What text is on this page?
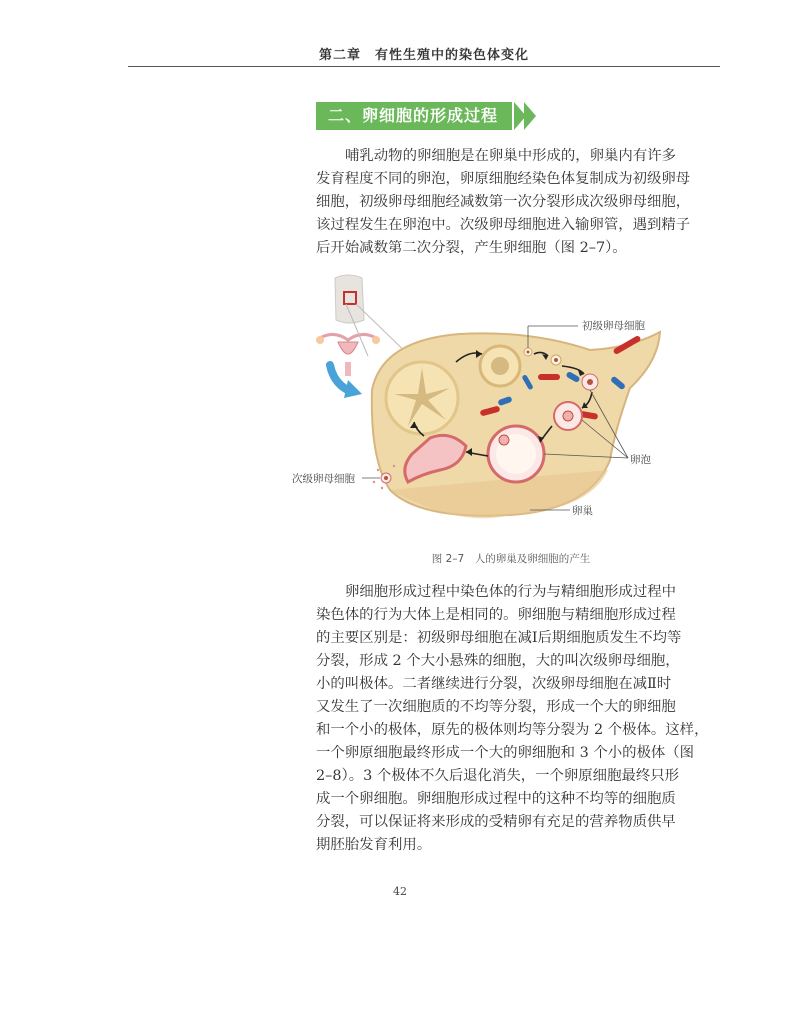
第二章　有性生殖中的染色体变化
二、卵细胞的形成过程
哺乳动物的卵细胞是在卵巢中形成的，卵巢内有许多
发育程度不同的卵泡，卵原细胞经染色体复制成为初级卵母
细胞，初级卵母细胞经减数第一次分裂形成次级卵母细胞，
该过程发生在卵泡中。次级卵母细胞进入输卵管，遇到精子
后开始减数第二次分裂，产生卵细胞（图 2–7）。
初级卵母细胞
卵泡
次级卵母细胞
卵巢
图 2–7　人的卵巢及卵细胞的产生
卵细胞形成过程中染色体的行为与精细胞形成过程中
染色体的行为大体上是相同的。卵细胞与精细胞形成过程
的主要区别是：初级卵母细胞在减Ⅰ后期细胞质发生不均等
分裂，形成 2 个大小悬殊的细胞，大的叫次级卵母细胞，
小的叫极体。二者继续进行分裂，次级卵母细胞在减Ⅱ时
又发生了一次细胞质的不均等分裂，形成一个大的卵细胞
和一个小的极体，原先的极体则均等分裂为 2 个极体。这样，
一个卵原细胞最终形成一个大的卵细胞和 3 个小的极体（图
2–8）。3 个极体不久后退化消失，一个卵原细胞最终只形
成一个卵细胞。卵细胞形成过程中的这种不均等的细胞质
分裂，可以保证将来形成的受精卵有充足的营养物质供早
期胚胎发育利用。
42
